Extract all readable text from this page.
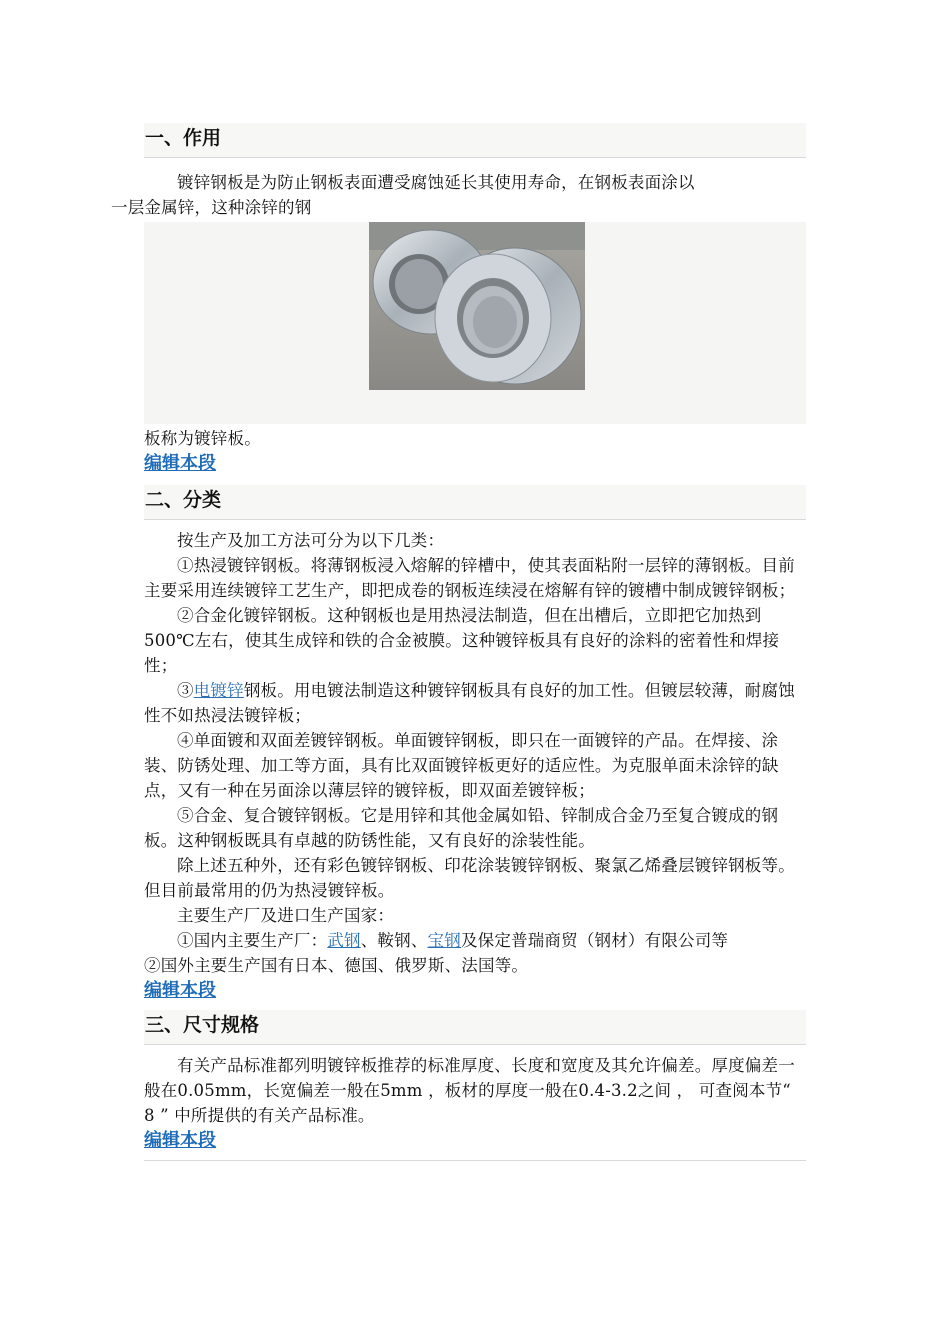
一、作用

镀锌钢板是为防止钢板表面遭受腐蚀延长其使用寿命，在钢板表面涂以
一层金属锌，这种涂锌的钢

板称为镀锌板。

编辑本段
二、分类

按生产及加工方法可分为以下几类：

①热浸镀锌钢板。将薄钢板浸入熔解的锌槽中，使其表面粘附一层锌的薄钢板。目前主要采用连续镀锌工艺生产，即把成卷的钢板连续浸在熔解有锌的镀槽中制成镀锌钢板；

②合金化镀锌钢板。这种钢板也是用热浸法制造，但在出槽后，立即把它加热到500℃左右，使其生成锌和铁的合金被膜。这种镀锌板具有良好的涂料的密着性和焊接性；

③电镀锌钢板。用电镀法制造这种镀锌钢板具有良好的加工性。但镀层较薄，耐腐蚀性不如热浸法镀锌板；

④单面镀和双面差镀锌钢板。单面镀锌钢板，即只在一面镀锌的产品。在焊接、涂装、防锈处理、加工等方面，具有比双面镀锌板更好的适应性。为克服单面未涂锌的缺点，又有一种在另面涂以薄层锌的镀锌板，即双面差镀锌板；

⑤合金、复合镀锌钢板。它是用锌和其他金属如铅、锌制成合金乃至复合镀成的钢板。这种钢板既具有卓越的防锈性能，又有良好的涂装性能。

除上述五种外，还有彩色镀锌钢板、印花涂装镀锌钢板、聚氯乙烯叠层镀锌钢板等。但目前最常用的仍为热浸镀锌板。

主要生产厂及进口生产国家：

①国内主要生产厂：武钢、鞍钢、宝钢及保定普瑞商贸（钢材）有限公司等

②国外主要生产国有日本、德国、俄罗斯、法国等。

编辑本段
三、尺寸规格

有关产品标准都列明镀锌板推荐的标准厚度、长度和宽度及其允许偏差。厚度偏差一般在0.05mm，长宽偏差一般在5mm ，板材的厚度一般在0.4-3.2之间 ， 可查阅本节“ 8 ” 中所提供的有关产品标准。

编辑本段
